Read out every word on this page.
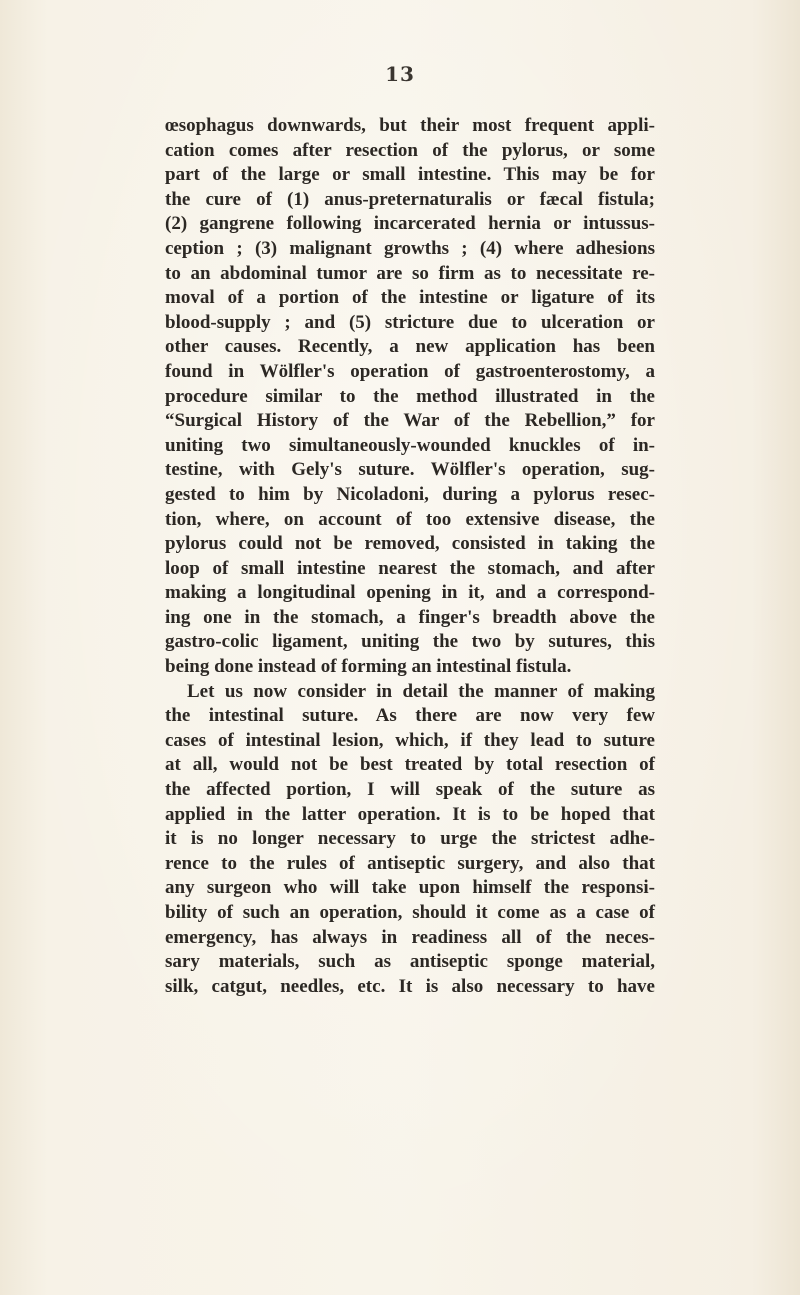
13
œsophagus downwards, but their most frequent appli-
cation comes after resection of the pylorus, or some
part of the large or small intestine. This may be for
the cure of (1) anus-preternaturalis or fæcal fistula;
(2) gangrene following incarcerated hernia or intussus-
ception ; (3) malignant growths ; (4) where adhesions
to an abdominal tumor are so firm as to necessitate re-
moval of a portion of the intestine or ligature of its
blood-supply ; and (5) stricture due to ulceration or
other causes. Recently, a new application has been
found in Wölfler's operation of gastroenterostomy, a
procedure similar to the method illustrated in the
“Surgical History of the War of the Rebellion,” for
uniting two simultaneously-wounded knuckles of in-
testine, with Gely's suture. Wölfler's operation, sug-
gested to him by Nicoladoni, during a pylorus resec-
tion, where, on account of too extensive disease, the
pylorus could not be removed, consisted in taking the
loop of small intestine nearest the stomach, and after
making a longitudinal opening in it, and a correspond-
ing one in the stomach, a finger's breadth above the
gastro-colic ligament, uniting the two by sutures, this
being done instead of forming an intestinal fistula.
Let us now consider in detail the manner of making
the intestinal suture. As there are now very few
cases of intestinal lesion, which, if they lead to suture
at all, would not be best treated by total resection of
the affected portion, I will speak of the suture as
applied in the latter operation. It is to be hoped that
it is no longer necessary to urge the strictest adhe-
rence to the rules of antiseptic surgery, and also that
any surgeon who will take upon himself the responsi-
bility of such an operation, should it come as a case of
emergency, has always in readiness all of the neces-
sary materials, such as antiseptic sponge material,
silk, catgut, needles, etc. It is also necessary to have
